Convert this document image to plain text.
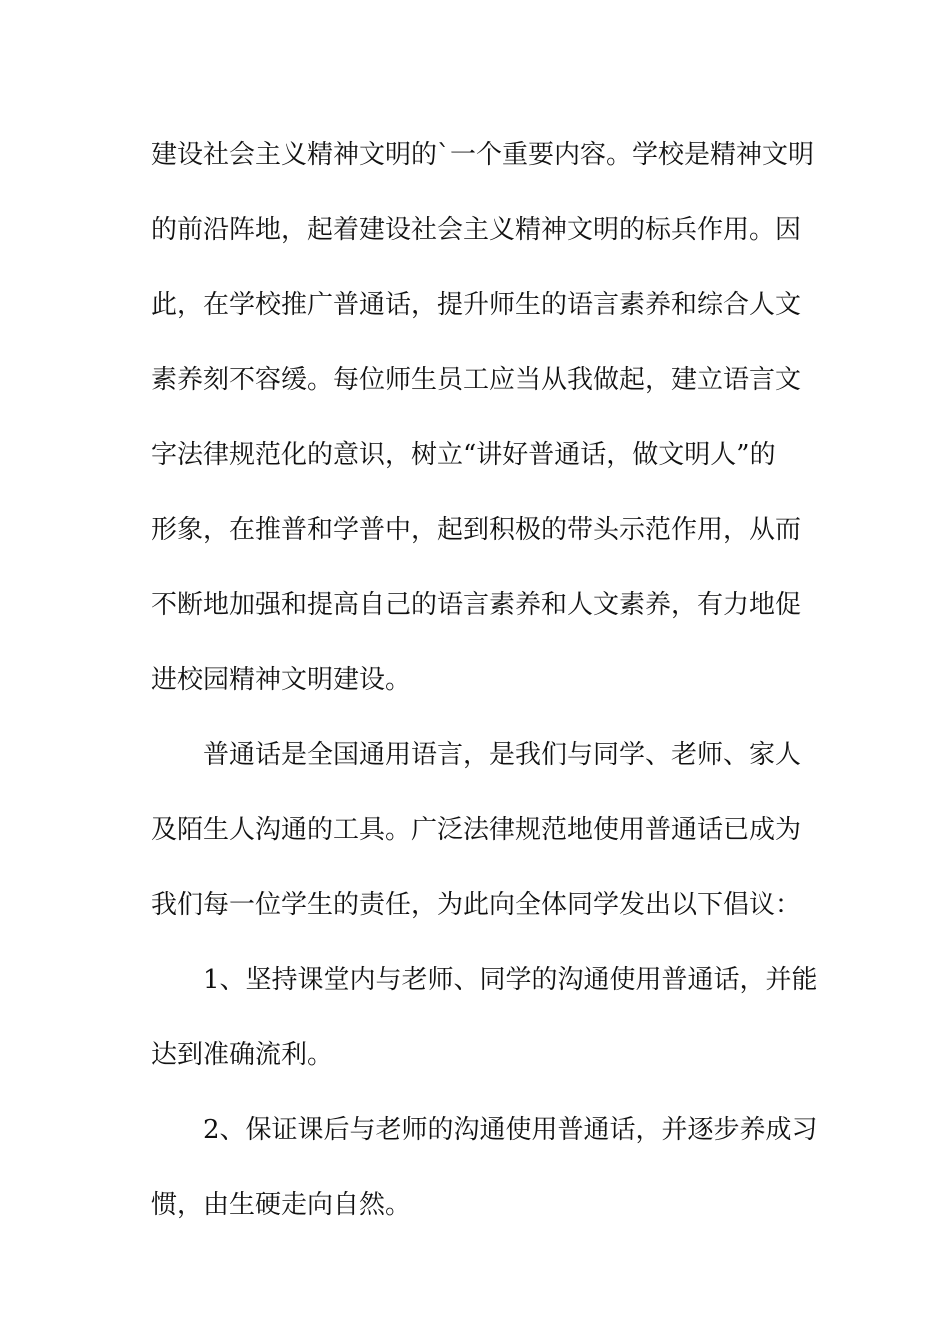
建设社会主义精神文明的`一个重要内容。学校是精神文明
的前沿阵地，起着建设社会主义精神文明的标兵作用。因
此，在学校推广普通话，提升师生的语言素养和综合人文
素养刻不容缓。每位师生员工应当从我做起，建立语言文
字法律规范化的意识，树立“讲好普通话，做文明人”的
形象，在推普和学普中，起到积极的带头示范作用，从而
不断地加强和提高自己的语言素养和人文素养，有力地促
进校园精神文明建设。
普通话是全国通用语言，是我们与同学、老师、家人
及陌生人沟通的工具。广泛法律规范地使用普通话已成为
我们每一位学生的责任，为此向全体同学发出以下倡议：
1、坚持课堂内与老师、同学的沟通使用普通话，并能
达到准确流利。
2、保证课后与老师的沟通使用普通话，并逐步养成习
惯，由生硬走向自然。
